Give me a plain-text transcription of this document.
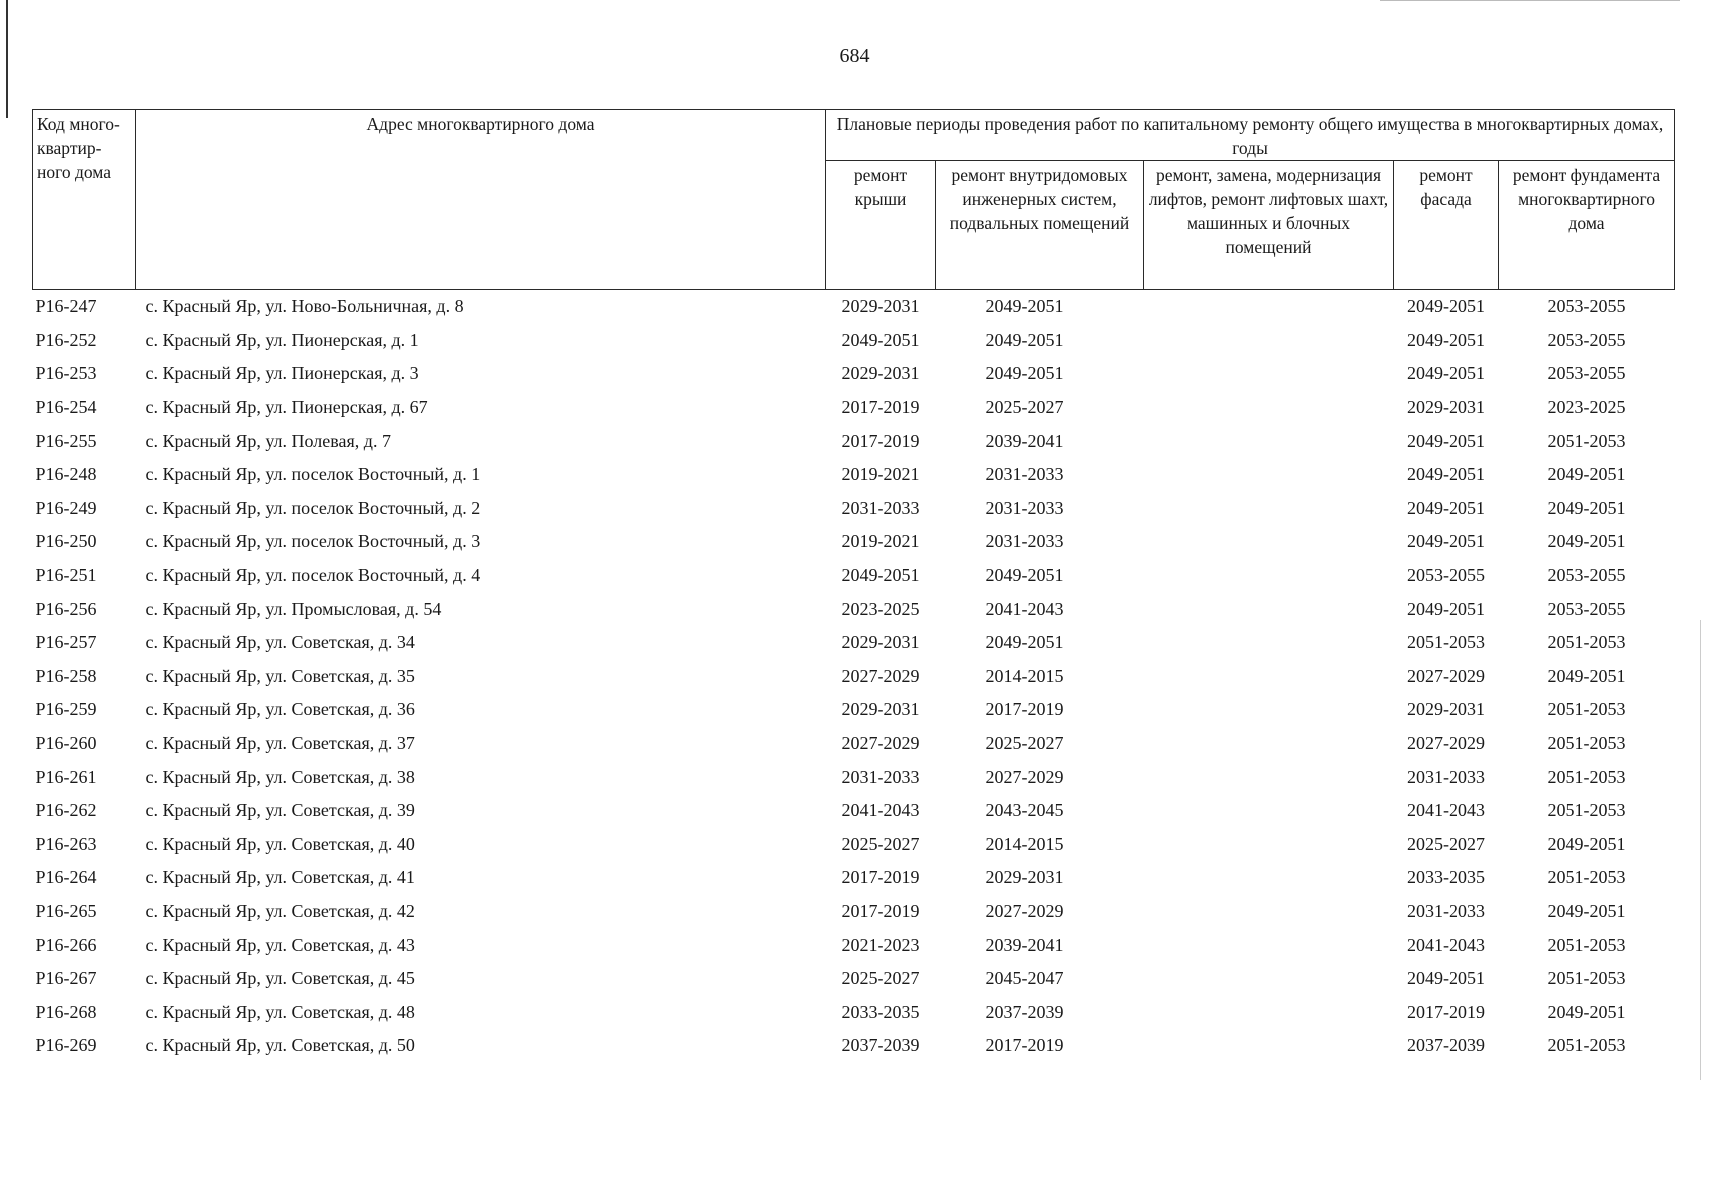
684
Код много-квартир-ного дома	Адрес многоквартирного дома	Плановые периоды проведения работ по капитальному ремонту общего имущества в многоквартирных домах, годы				
		ремонт крыши	ремонт внутридомовых инженерных систем, подвальных помещений	ремонт, замена, модернизация лифтов, ремонт лифтовых шахт, машинных и блочных помещений	ремонт фасада	ремонт фундамента многоквартирного дома
Р16-247	с. Красный Яр, ул. Ново-Больничная, д. 8	2029-2031	2049-2051		2049-2051	2053-2055
Р16-252	с. Красный Яр, ул. Пионерская, д. 1	2049-2051	2049-2051		2049-2051	2053-2055
Р16-253	с. Красный Яр, ул. Пионерская, д. 3	2029-2031	2049-2051		2049-2051	2053-2055
Р16-254	с. Красный Яр, ул. Пионерская, д. 67	2017-2019	2025-2027		2029-2031	2023-2025
Р16-255	с. Красный Яр, ул. Полевая, д. 7	2017-2019	2039-2041		2049-2051	2051-2053
Р16-248	с. Красный Яр, ул. поселок Восточный, д. 1	2019-2021	2031-2033		2049-2051	2049-2051
Р16-249	с. Красный Яр, ул. поселок Восточный, д. 2	2031-2033	2031-2033		2049-2051	2049-2051
Р16-250	с. Красный Яр, ул. поселок Восточный, д. 3	2019-2021	2031-2033		2049-2051	2049-2051
Р16-251	с. Красный Яр, ул. поселок Восточный, д. 4	2049-2051	2049-2051		2053-2055	2053-2055
Р16-256	с. Красный Яр, ул. Промысловая, д. 54	2023-2025	2041-2043		2049-2051	2053-2055
Р16-257	с. Красный Яр, ул. Советская, д. 34	2029-2031	2049-2051		2051-2053	2051-2053
Р16-258	с. Красный Яр, ул. Советская, д. 35	2027-2029	2014-2015		2027-2029	2049-2051
Р16-259	с. Красный Яр, ул. Советская, д. 36	2029-2031	2017-2019		2029-2031	2051-2053
Р16-260	с. Красный Яр, ул. Советская, д. 37	2027-2029	2025-2027		2027-2029	2051-2053
Р16-261	с. Красный Яр, ул. Советская, д. 38	2031-2033	2027-2029		2031-2033	2051-2053
Р16-262	с. Красный Яр, ул. Советская, д. 39	2041-2043	2043-2045		2041-2043	2051-2053
Р16-263	с. Красный Яр, ул. Советская, д. 40	2025-2027	2014-2015		2025-2027	2049-2051
Р16-264	с. Красный Яр, ул. Советская, д. 41	2017-2019	2029-2031		2033-2035	2051-2053
Р16-265	с. Красный Яр, ул. Советская, д. 42	2017-2019	2027-2029		2031-2033	2049-2051
Р16-266	с. Красный Яр, ул. Советская, д. 43	2021-2023	2039-2041		2041-2043	2051-2053
Р16-267	с. Красный Яр, ул. Советская, д. 45	2025-2027	2045-2047		2049-2051	2051-2053
Р16-268	с. Красный Яр, ул. Советская, д. 48	2033-2035	2037-2039		2017-2019	2049-2051
Р16-269	с. Красный Яр, ул. Советская, д. 50	2037-2039	2017-2019		2037-2039	2051-2053
